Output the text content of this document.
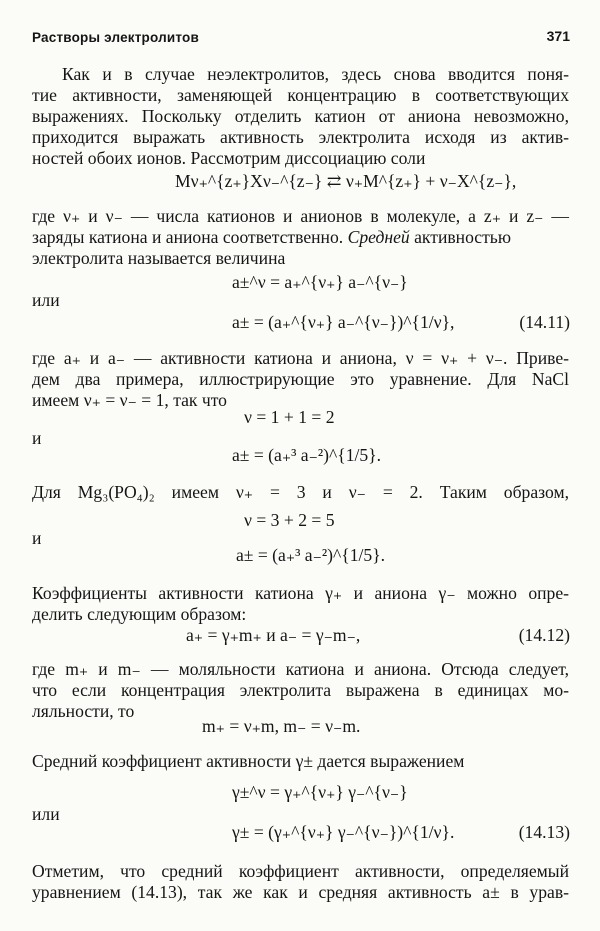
Растворы электролитов	371
Как и в случае неэлектролитов, здесь снова вводится поня-
тие активности, заменяющей концентрацию в соответствующих
выражениях. Поскольку отделить катион от аниона невозможно,
приходится выражать активность электролита исходя из актив-
ностей обоих ионов. Рассмотрим диссоциацию соли
Mν₊^{z₊}Xν₋^{z₋} ⇄ ν₊M^{z₊} + ν₋X^{z₋},
где ν₊ и ν₋ — числа катионов и анионов в молекуле, а z₊ и z₋ —
заряды катиона и аниона соответственно. Средней активностью
электролита называется величина
a±^ν = a₊^{ν₊} a₋^{ν₋}
или
a± = (a₊^{ν₊} a₋^{ν₋})^{1/ν},	(14.11)
где a₊ и a₋ — активности катиона и аниона, ν = ν₊ + ν₋. Приве-
дем два примера, иллюстрирующие это уравнение. Для NaCl
имеем ν₊ = ν₋ = 1, так что
ν = 1 + 1 = 2
и
a± = (a₊³ a₋²)^{1/5}.
Для Mg₃(PO₄)₂ имеем ν₊ = 3 и ν₋ = 2. Таким образом,
ν = 3 + 2 = 5
и
a± = (a₊³ a₋²)^{1/5}.
Коэффициенты активности катиона γ₊ и аниона γ₋ можно опре-
делить следующим образом:
a₊ = γ₊m₊ и a₋ = γ₋m₋,	(14.12)
где m₊ и m₋ — моляльности катиона и аниона. Отсюда следует,
что если концентрация электролита выражена в единицах мо-
ляльности, то
m₊ = ν₊m, m₋ = ν₋m.
Средний коэффициент активности γ± дается выражением
γ±^ν = γ₊^{ν₊} γ₋^{ν₋}
или
γ± = (γ₊^{ν₊} γ₋^{ν₋})^{1/ν}.	(14.13)
Отметим, что средний коэффициент активности, определяемый
уравнением (14.13), так же как и средняя активность a± в урав-
